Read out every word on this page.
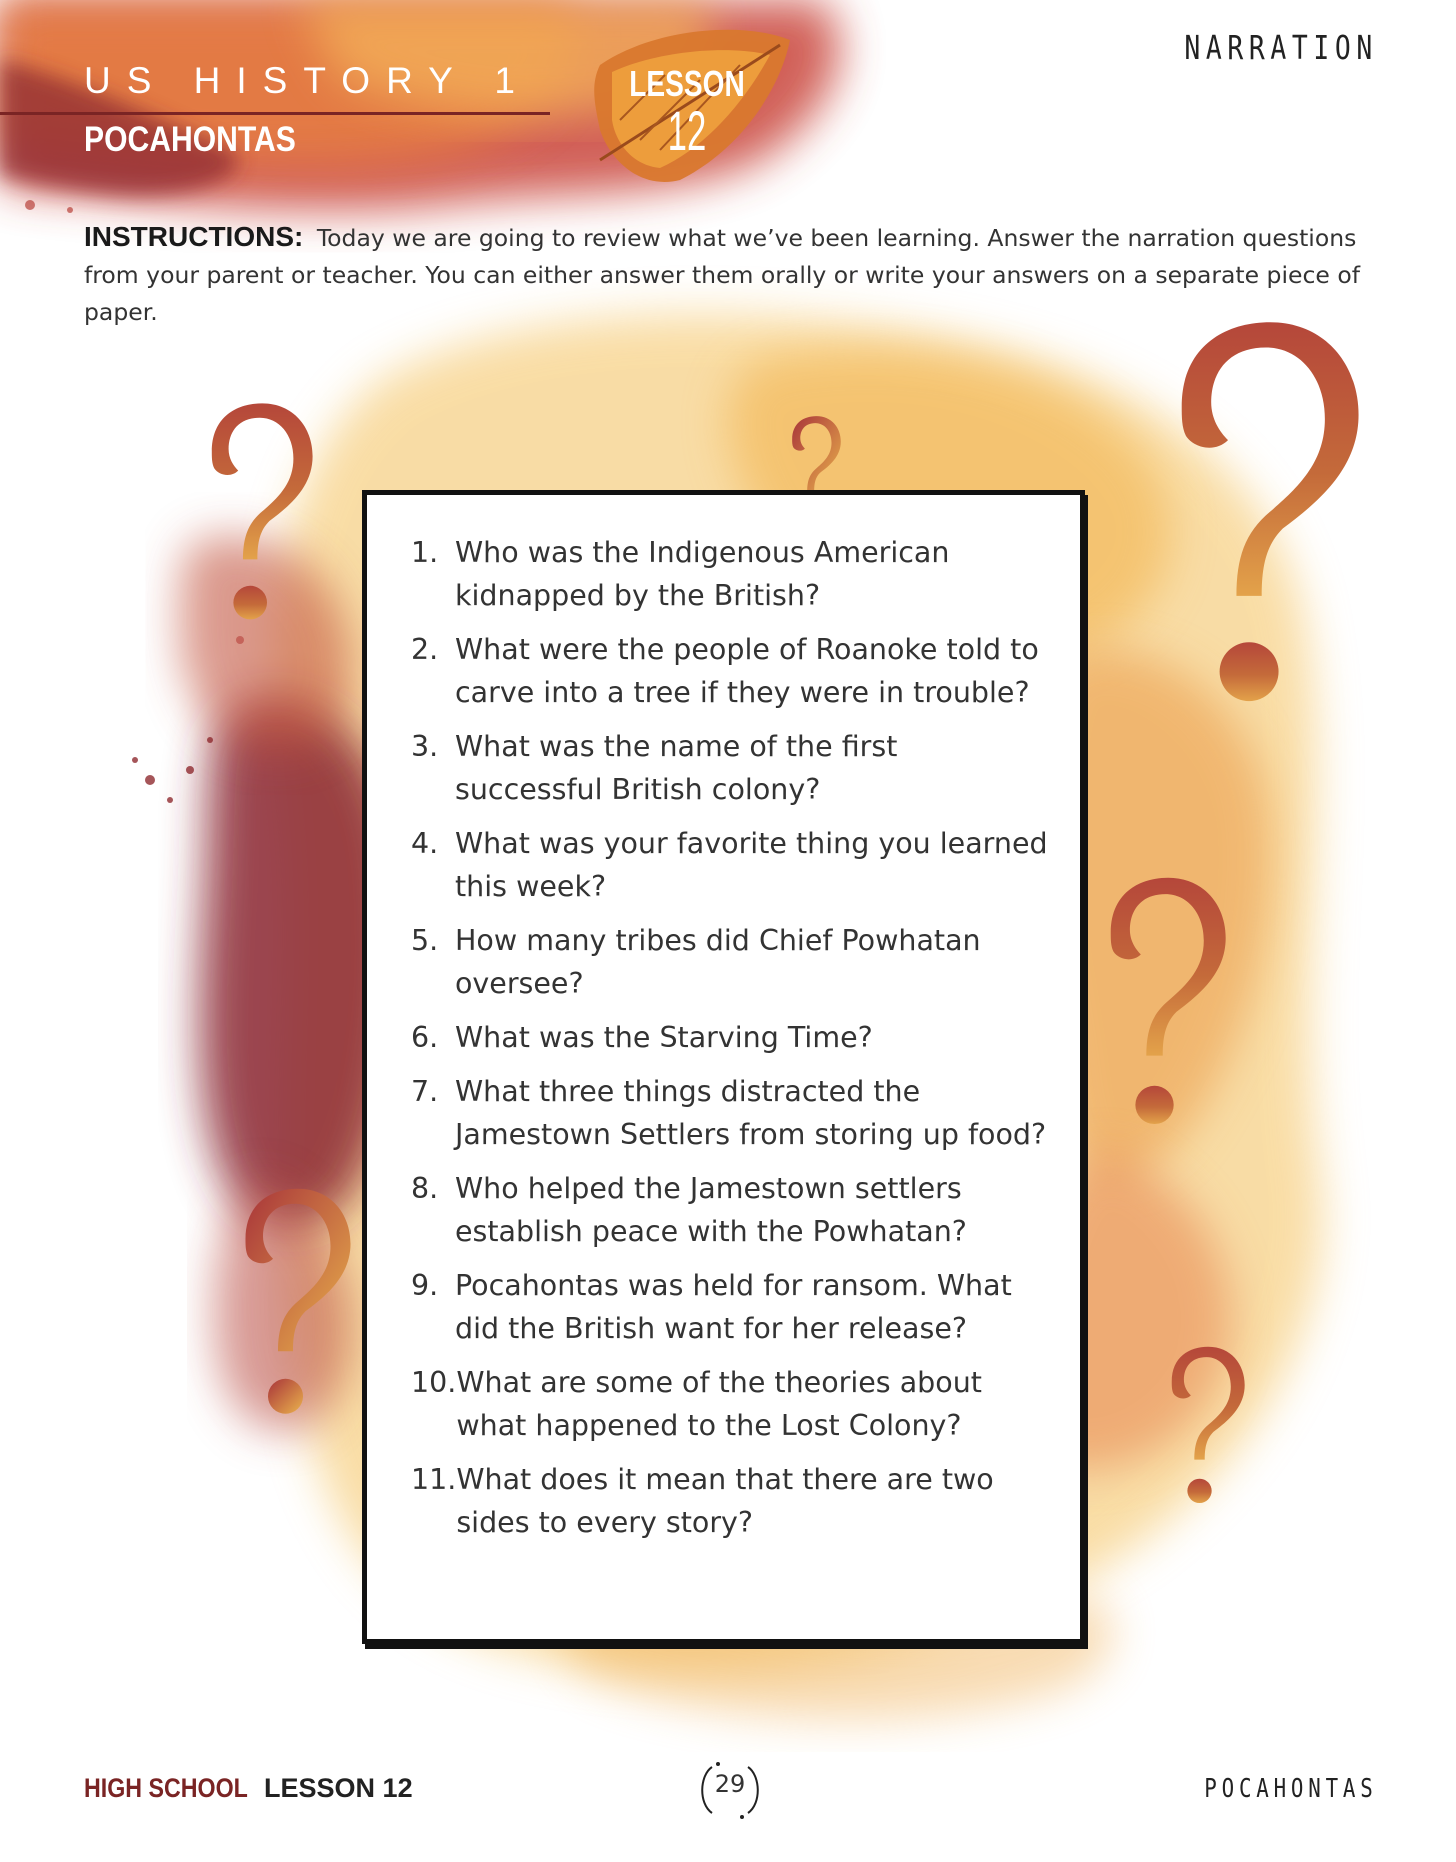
US HISTORY 1
POCAHONTAS
LESSON
12
NARRATION
INSTRUCTIONS: Today we are going to review what we’ve been learning. Answer the narration questions from your parent or teacher. You can either answer them orally or write your answers on a separate piece of paper.
1. Who was the Indigenous American kidnapped by the British?
2. What were the people of Roanoke told to carve into a tree if they were in trouble?
3. What was the name of the first successful British colony?
4. What was your favorite thing you learned this week?
5. How many tribes did Chief Powhatan oversee?
6. What was the Starving Time?
7. What three things distracted the Jamestown Settlers from storing up food?
8. Who helped the Jamestown settlers establish peace with the Powhatan?
9. Pocahontas was held for ransom. What did the British want for her release?
10. What are some of the theories about what happened to the Lost Colony?
11. What does it mean that there are two sides to every story?
HIGH SCHOOL LESSON 12	29	POCAHONTAS
